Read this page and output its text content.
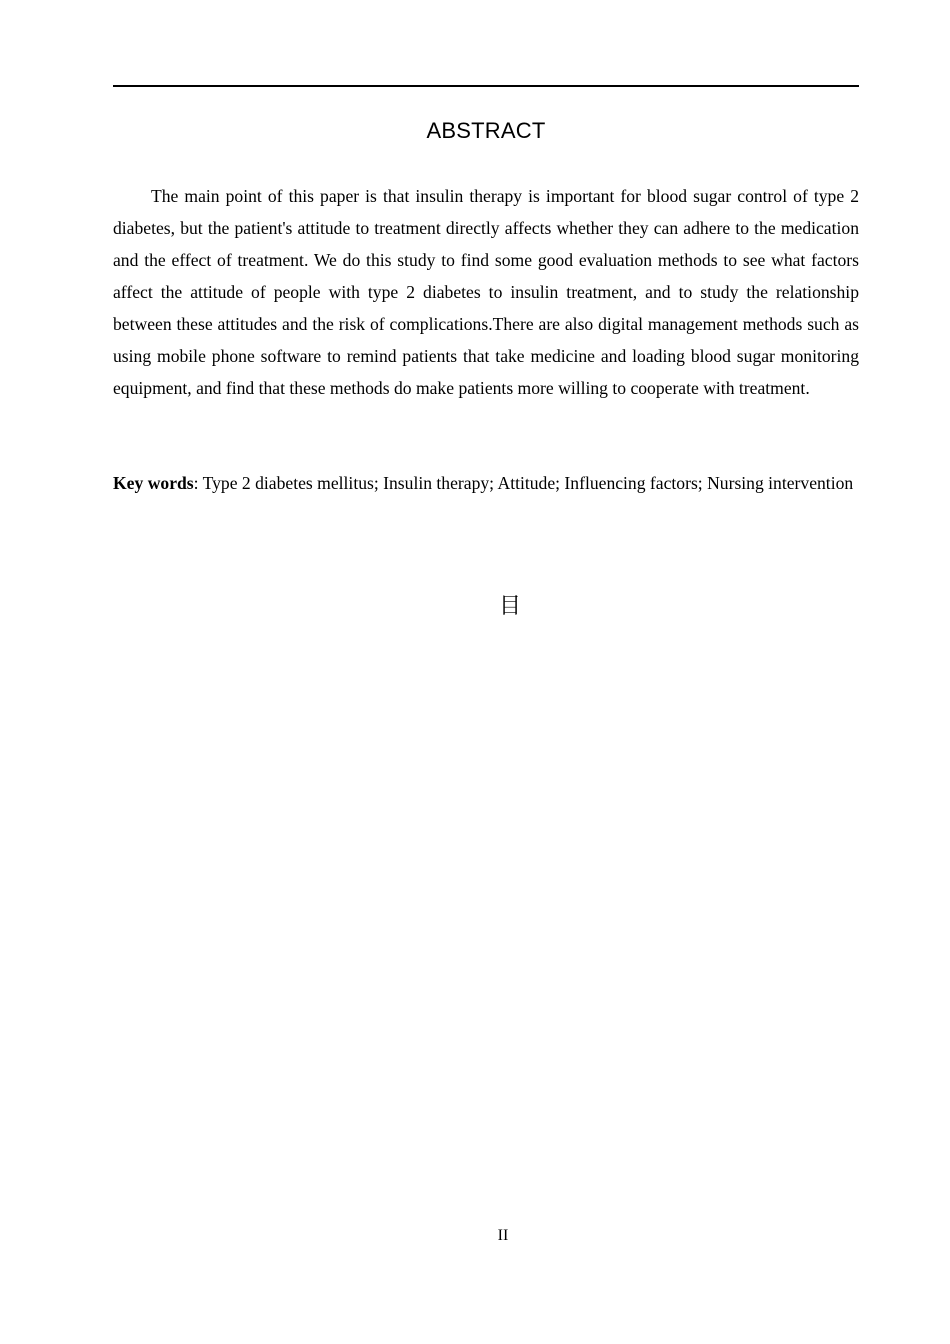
ABSTRACT

The main point of this paper is that insulin therapy is important for blood sugar control of type 2 diabetes, but the patient's attitude to treatment directly affects whether they can adhere to the medication and the effect of treatment. We do this study to find some good evaluation methods to see what factors affect the attitude of people with type 2 diabetes to insulin treatment, and to study the relationship between these attitudes and the risk of complications.There are also digital management methods such as using mobile phone software to remind patients that take medicine and loading blood sugar monitoring equipment, and find that these methods do make patients more willing to cooperate with treatment.

Key words: Type 2 diabetes mellitus; Insulin therapy; Attitude; Influencing factors; Nursing intervention

目
II
